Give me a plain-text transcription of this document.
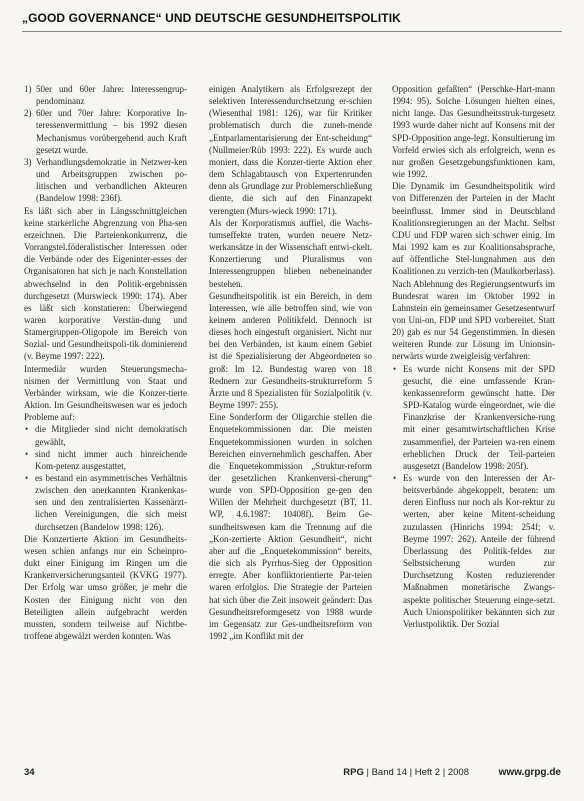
„GOOD GOVERNANCE“ UND DEUTSCHE GESUNDHEITSPOLITIK
1) 50er und 60er Jahre: Interessengrup-pendominanz
2) 60er und 70er Jahre: Korporative In-teressenvermittlung – bis 1992 diesen Mechanismus vorübergehend auch Kraft gesetzt wurde.
3) Verhandlungsdemokratie in Netzwer-ken und Arbeitsgruppen zwischen po-litischen und verbandlichen Akteuren (Bandelow 1998: 236f).

Es läßt sich aber in Längsschnittgleichen keine starkerliche Abgrenzung von Pha-sen erzeichnen. Die Parteienkonkurrenz, die Vorrangstel.föderalistischer Interessen oder die Verbände oder des Eigeninter-esses der Organisatoren hat sich je nach Konstellation abwechselnd in den Politik-ergebnissen durchgesetzt (Murswieck 1990: 174). Aber es läßt sich konstatieren: Überwiegend waren korporative Verstän-dung und Stamergruppen-Oligopole im Bereich von Sozial- und Gesundheitspoli-tik dominierend (v. Beyme 1997: 222).

Intermediär wurden Steuerungsmecha-nismen der Vermittlung von Staat und Verbänder wirksam, wie die Konzer-tierte Aktion. Im Gesundheitswesen war es jedoch Probleme auf:

• die Mitglieder sind nicht demokratisch gewählt,
• sind nicht immer auch hinreichende Kom-petenz ausgestattet,
• es bestand ein asymmetrisches Verhältnis zwischen den anerkannten Krankenkas-sen und den zentralisierten Kassenärzt-lichen Vereinigungen, die sich meist durchsetzen (Bandelow 1998: 126).

Die Konzertierte Aktion im Gesundheits-wesen schien anfangs nur ein Scheinpro-dukt einer Einigung im Ringen um die Krankenversicherungsanteil (KVKG 1977). Der Erfolg war umso größer, je mehr die Kosten der Einigung nicht von den Beteiligten allein aufgebracht werden mussten, sondern teilweise auf Nichtbe-troffene abgewälzt werden konnten. Was

einigen Analytikern als Erfolgsrezept der selektiven Interessendurchsetzung er-schien (Wiesenthal 1981: 126), war für Kritiker problematisch durch die zuneh-mende „Entparlamentarisierung der Ent-scheidung“ (Nullmeier/Rüb 1993: 222). Es wurde auch moniert, dass die Konzer-tierte Aktion eher dem Schlagabtausch von Expertenrunden denn als Grundlage zur Problemerschließung diente, die sich auf den Finanzapekt verengten (Murs-wieck 1990: 171).

Als der Korporatismus auffiel, die Wachs-tumseffekte traten, wurden neuere Netz-werkansätze in der Wissenschaft entwi-ckelt. Konzertierung und Pluralismus von Interessengruppen blieben nebeneinander bestehen.

Gesundheitspolitik ist ein Bereich, in dem Interessen, wie alle betroffen sind, wie von keinem anderen Politikfeld. Dennoch ist dieses hoch eingestuft organisiert. Nicht nur bei den Verbänden, ist kaum einem Gebiet ist die Spezialisierung der Abgeordneten so groß: Im 12. Bundestag waren von 18 Rednern zur Gesundheits-strukturreform 5 Ärzte und 8 Spezialisten für Sozialpolitik (v. Beyme 1997: 255).

Eine Sonderform der Oligarchie stellen die Enquetekommissionen dar. Die meisten Enquetekommissionen wurden in solchen Bereichen einvernehmlich geschaffen. Aber die Enquetekommission „Struktur-reform der gesetzlichen Krankenversi-cherung“ wurde von SPD-Opposition ge-gen den Willen der Mehrheit durchgesetzt (BT, 11. WP, 4.6.1987: 10408f). Beim Ge-sundheitswesen kam die Trennung auf die „Kon-zertierte Aktion Gesundheit“, nicht aber auf die „Enquetekommission“ bereits, die sich als Pyrrhus-Sieg der Opposition erregte. Aber konfliktorientierte Par-teien waren erfolglos. Die Strategie der Parteien hat sich über die Zeit insoweit geändert: Das Gesundheitsreformgesetz von 1988 wurde im Gegensatz zur Ges-undheitsreform von 1992 „im Konflikt mit der

Opposition gefaßten“ (Perschke-Hart-mann 1994: 95). Solche Lösungen hielten eines, nicht lange. Das Gesundheitsstruk-turgesetz 1993 wurde daher nicht auf Konsens mit der SPD-Opposition ange-legt. Konsultierung im Vorfeld erwies sich als erfolgreich, wenn es nur großen Gesetzgebungsfunktionen kam, wie 1992.

Die Dynamik im Gesundheitspolitik wird von Differenzen der Parteien in der Macht beeinflusst. Immer sind in Deutschland Koalitionsregierungen an der Macht. Selbst CDU und FDP waren sich schwer einig. Im Mai 1992 kam es zur Koalitionsabsprache, auf öffentliche Stel-lungnahmen aus den Koalitionen zu verzich-ten (Maulkorberlass). Nach Ablehnung des Regierungsentwurfs im Bundesrat waren im Oktober 1992 in Lahnstein ein gemeinsamer Gesetzesentwurf von Uni-on, FDP und SPD vorbereitet. Statt 20) gab es nur 54 Gegenstimmen. In diesen weiteren Runde zur Lösung im Unionsin-nerwärts wurde zweigleisig verfahren:

• Es wurde nicht Konsens mit der SPD gesucht, die eine umfassende Kran-kenkassenreform gewünscht hatte. Der SPD-Katalog wurde eingeordnet, wie die Finanzkrise der Krankenversiche-rung mit einer gesamtwirtschaftlichen Krise zusammenfiel, der Parteien wa-ren einem erheblichen Druck der Teil-parteien ausgesetzt (Bandelow 1998: 205f).
• Es wurde von den Interessen der Ar-beitsverbände abgekoppelt, beraten: um deren Einfluss nur noch als Kor-rektur zu werten, aber keine Mitent-scheidung zuzulassen (Hinrichs 1994: 254f; v. Beyme 1997: 262). Anteile der führend Überlassung des Politik-feldes zur Selbstsicherung wurden zur Durchsetzung Kosten reduzierender Maßnahmen monetärische Zwangs-aspekte politischer Steuerung einge-setzt. Auch Unionspolitiker bekannten sich zur Verlustpoliktik. Der Sozial
34	RPG | Band 14 | Heft 2 | 2008	www.grpg.de
